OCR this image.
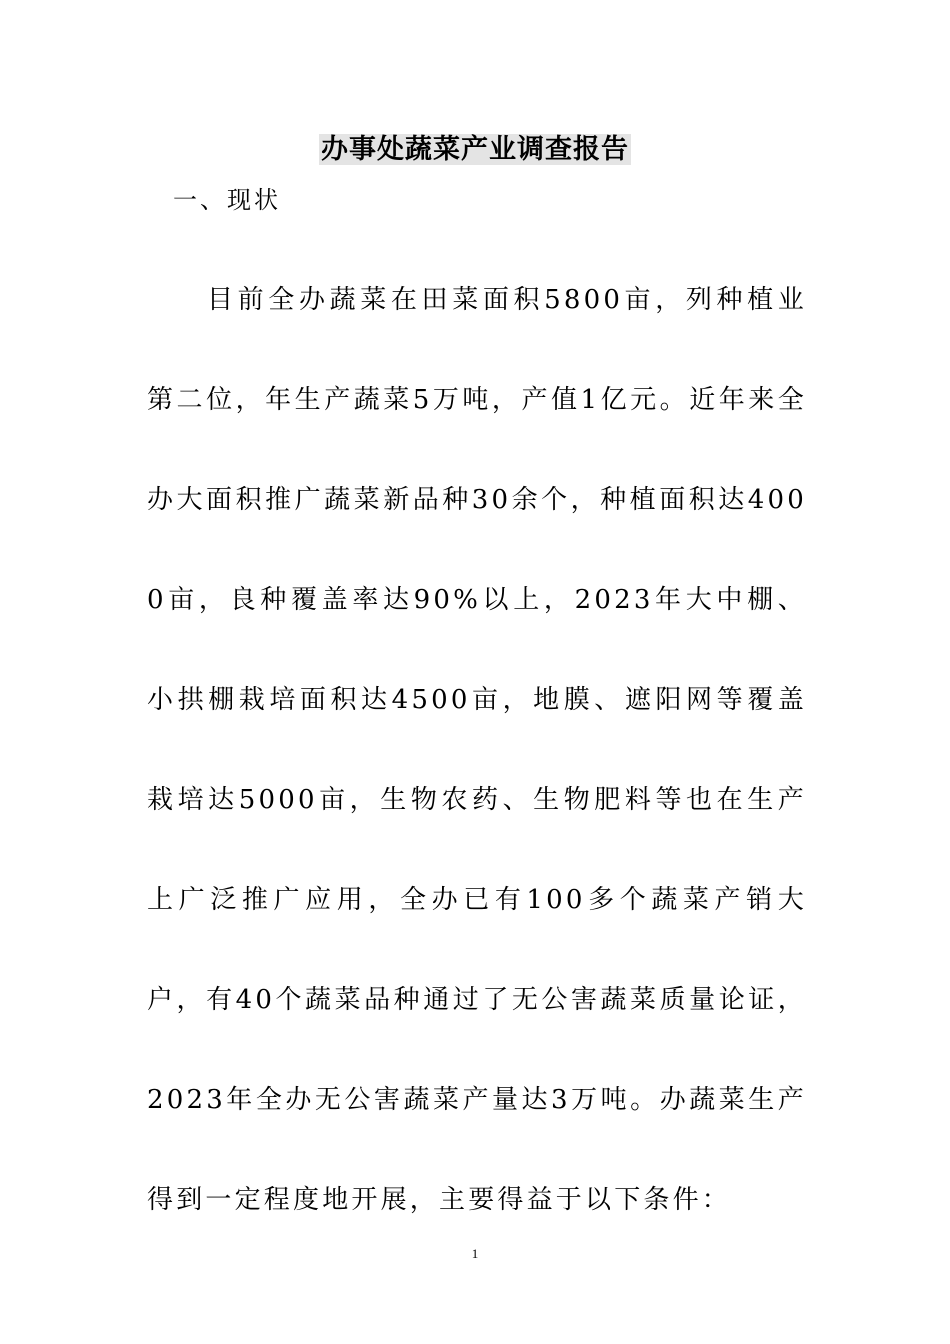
办事处蔬菜产业调查报告
一、现状

目前全办蔬菜在田菜面积5800亩，列种植业第二位，年生产蔬菜5万吨，产值1亿元。近年来全办大面积推广蔬菜新品种30余个，种植面积达4000亩，良种覆盖率达90%以上，2023年大中棚、小拱棚栽培面积达4500亩，地膜、遮阳网等覆盖栽培达5000亩，生物农药、生物肥料等也在生产上广泛推广应用，全办已有100多个蔬菜产销大户，有40个蔬菜品种通过了无公害蔬菜质量论证，2023年全办无公害蔬菜产量达3万吨。办蔬菜生产得到一定程度地开展，主要得益于以下条件：

1
